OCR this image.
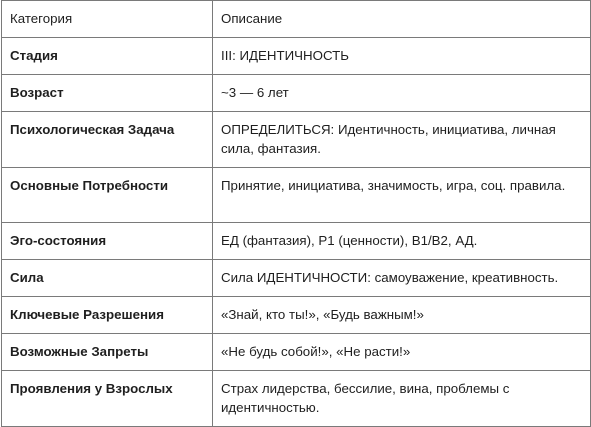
Категория	Описание
Стадия	III: ИДЕНТИЧНОСТЬ
Возраст	~3 — 6 лет
Психологическая Задача	ОПРЕДЕЛИТЬСЯ: Идентичность, инициатива, личная сила, фантазия.
Основные Потребности	Принятие, инициатива, значимость, игра, соц. правила.
Эго-состояния	ЕД (фантазия), Р1 (ценности), В1/В2, АД.
Сила	Сила ИДЕНТИЧНОСТИ: самоуважение, креативность.
Ключевые Разрешения	«Знай, кто ты!», «Будь важным!»
Возможные Запреты	«Не будь собой!», «Не расти!»
Проявления у Взрослых	Страх лидерства, бессилие, вина, проблемы с идентичностью.
